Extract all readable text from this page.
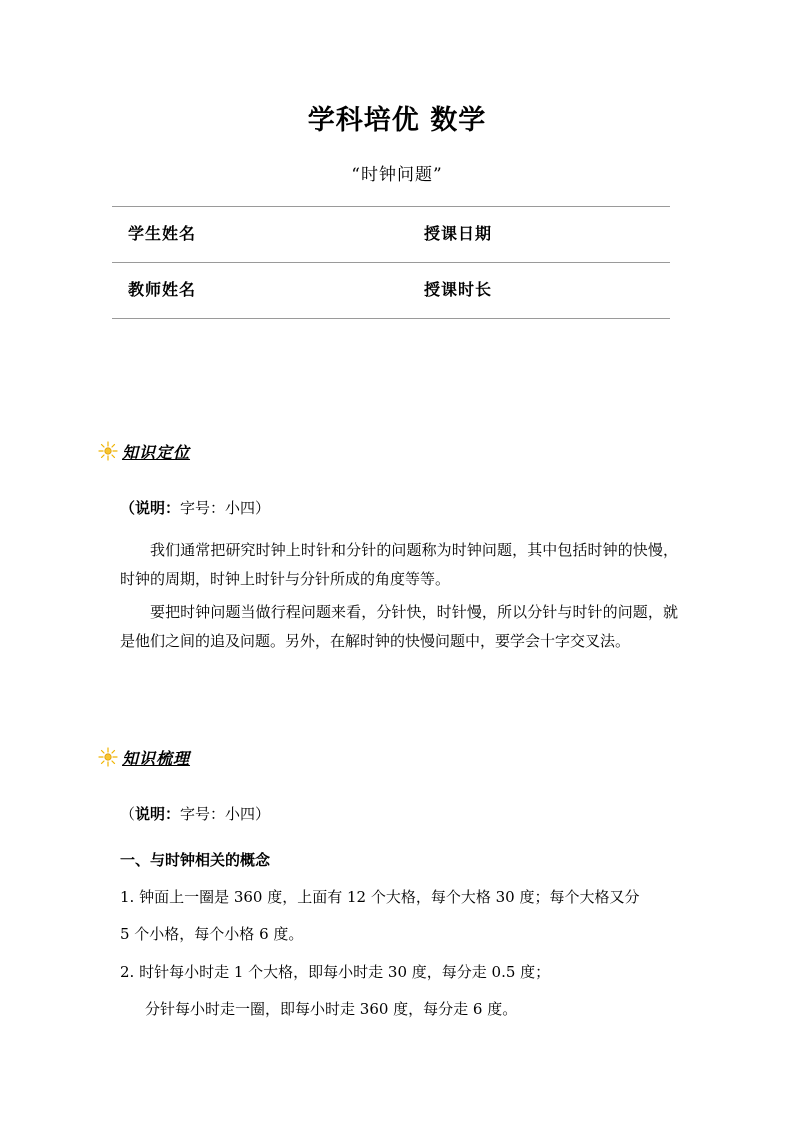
学科培优 数学
“时钟问题”
学生姓名	授课日期
教师姓名	授课时长
知识定位
（说明：字号：小四）
我们通常把研究时钟上时针和分针的问题称为时钟问题，其中包括时钟的快慢，时钟的周期，时钟上时针与分针所成的角度等等。
要把时钟问题当做行程问题来看，分针快，时针慢，所以分针与时针的问题，就是他们之间的追及问题。另外，在解时钟的快慢问题中，要学会十字交叉法。
知识梳理
（说明：字号：小四）
一、与时钟相关的概念
1. 钟面上一圈是 360 度，上面有 12 个大格，每个大格 30 度；每个大格又分
5 个小格，每个小格 6 度。
2. 时针每小时走 1 个大格，即每小时走 30 度，每分走 0.5 度；
分针每小时走一圈，即每小时走 360 度，每分走 6 度。
